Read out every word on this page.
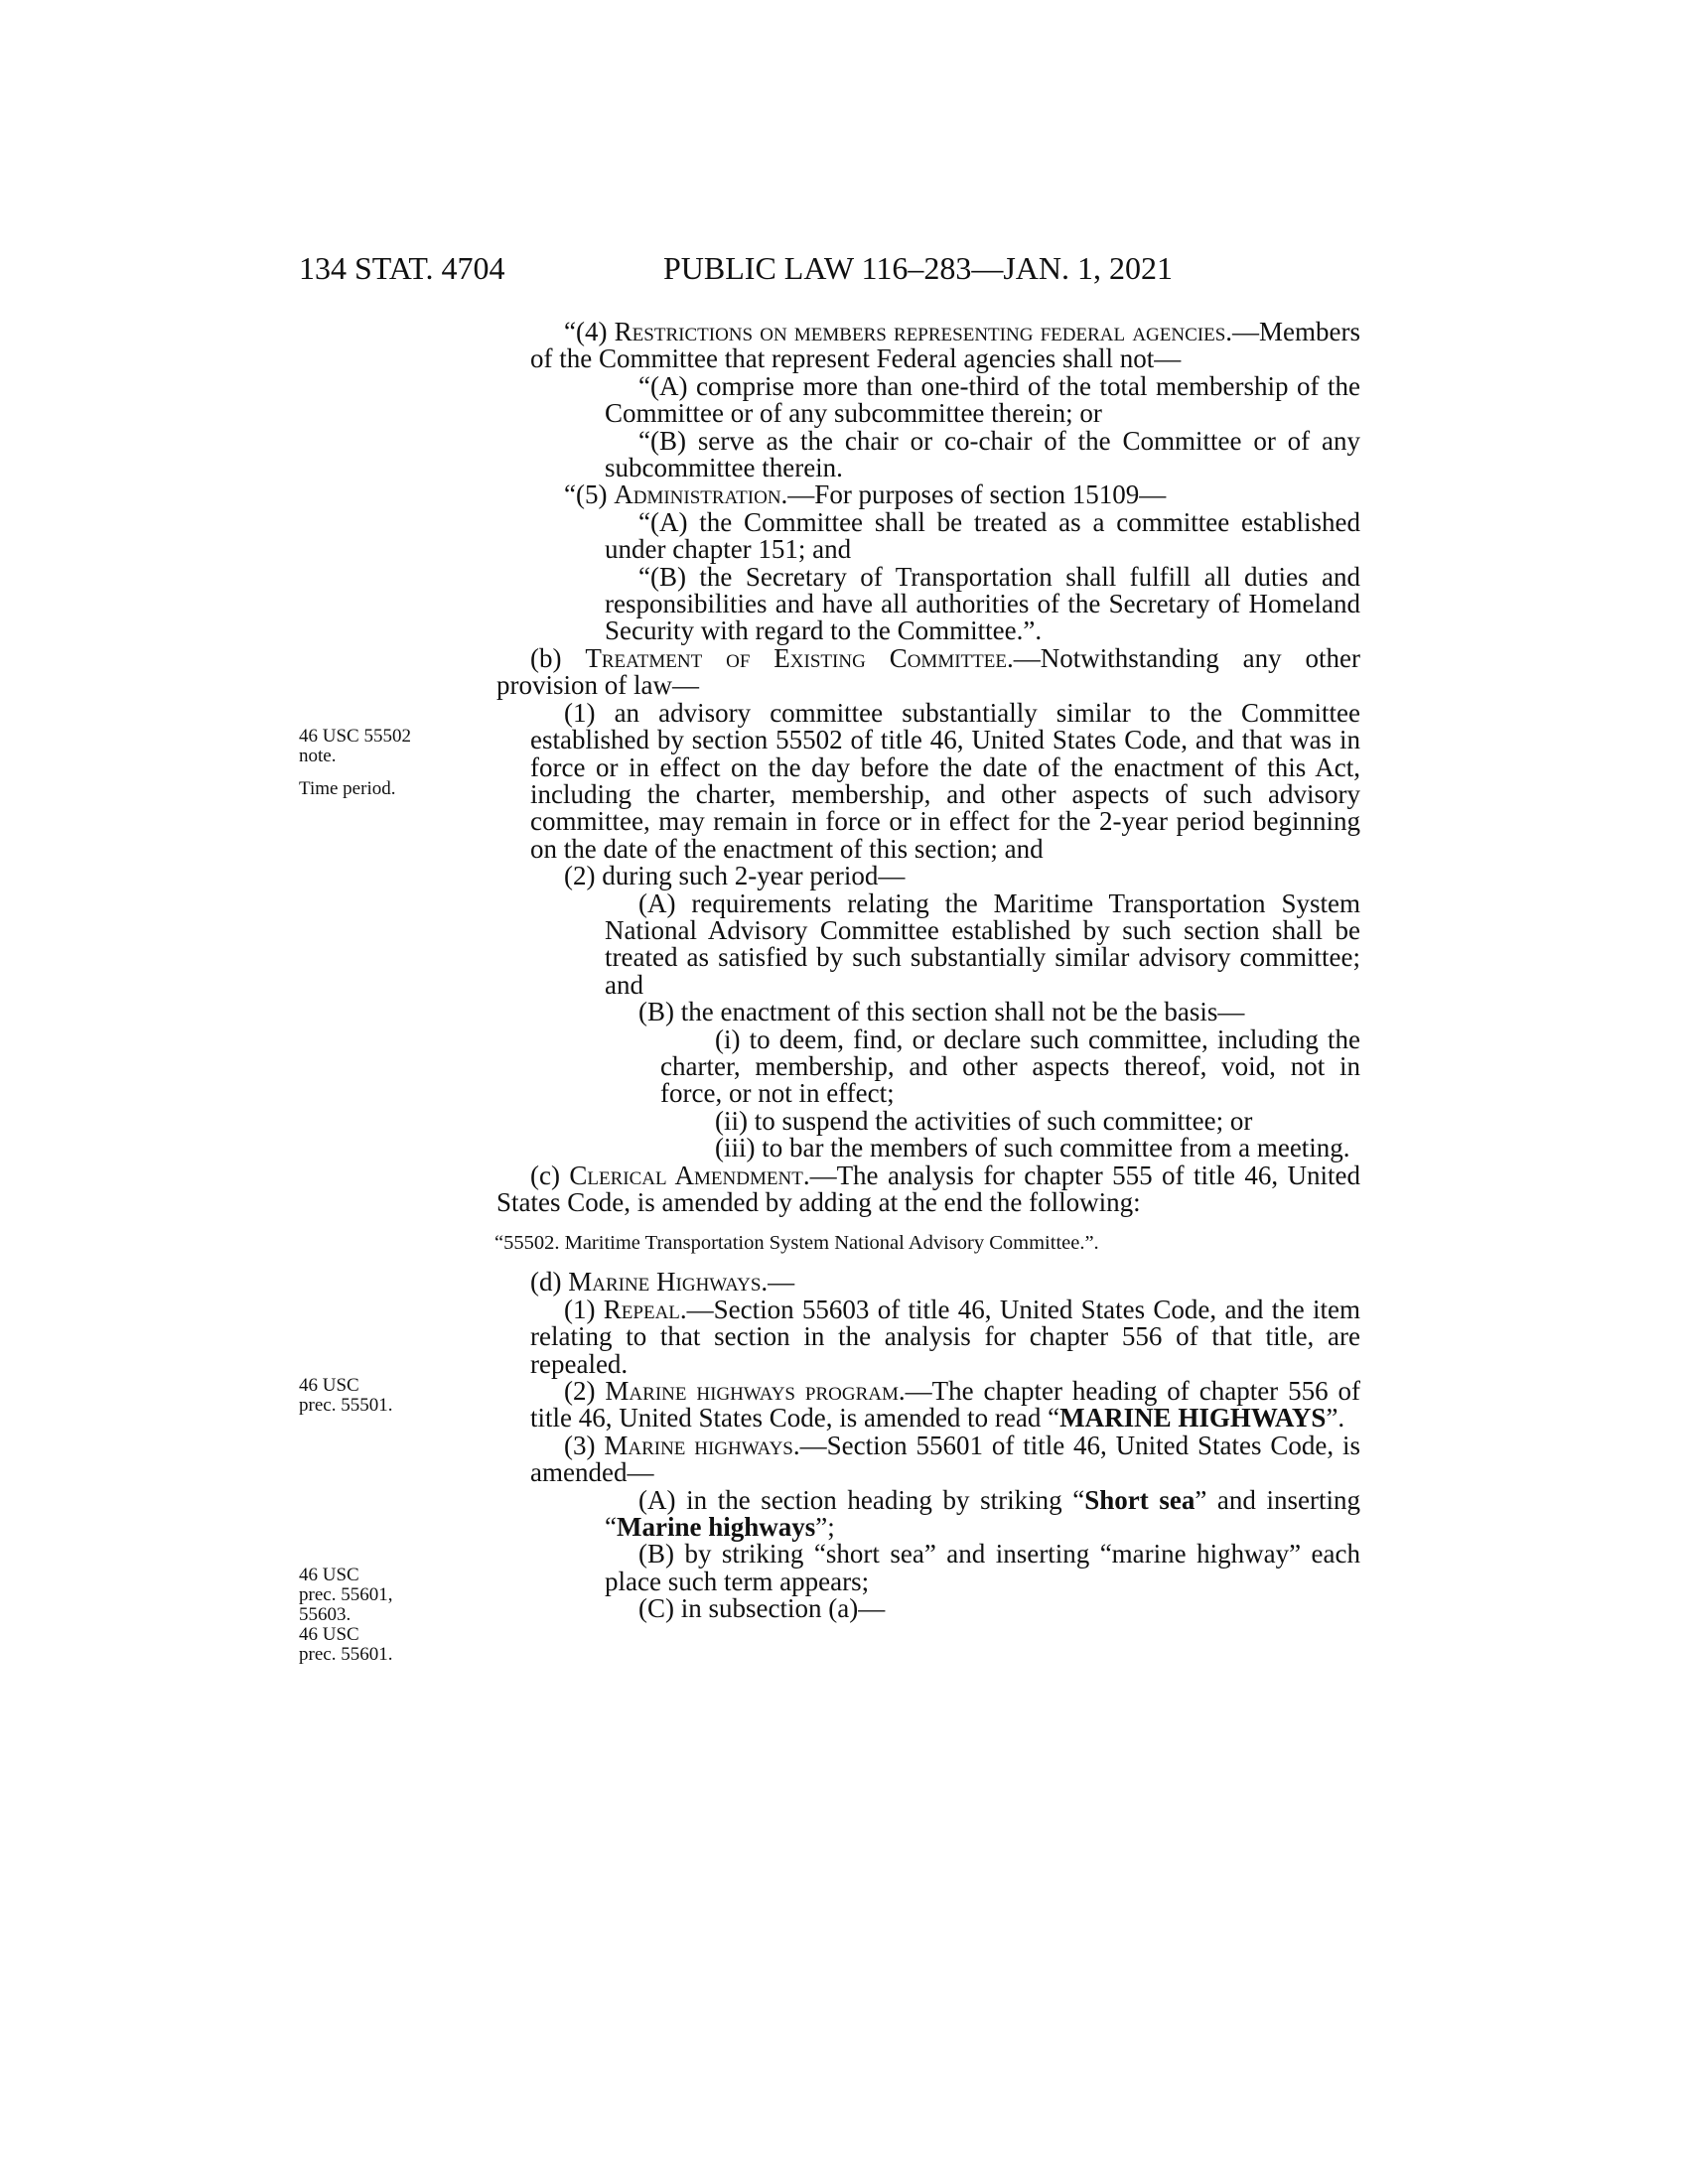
134 STAT. 4704	PUBLIC LAW 116–283—JAN. 1, 2021
46 USC 55502
note.
Time period.
46 USC
prec. 55501.
46 USC
prec. 55601,
55603.
46 USC
prec. 55601.

“(4) Restrictions on members representing federal agencies.—Members of the Committee that represent Federal agencies shall not—

“(A) comprise more than one-third of the total membership of the Committee or of any subcommittee therein; or

“(B) serve as the chair or co-chair of the Committee or of any subcommittee therein.

“(5) Administration.—For purposes of section 15109—

“(A) the Committee shall be treated as a committee established under chapter 151; and

“(B) the Secretary of Transportation shall fulfill all duties and responsibilities and have all authorities of the Secretary of Homeland Security with regard to the Committee.”.

(b) Treatment of Existing Committee.—Notwithstanding any other provision of law—

(1) an advisory committee substantially similar to the Committee established by section 55502 of title 46, United States Code, and that was in force or in effect on the day before the date of the enactment of this Act, including the charter, membership, and other aspects of such advisory committee, may remain in force or in effect for the 2-year period beginning on the date of the enactment of this section; and

(2) during such 2-year period—

(A) requirements relating the Maritime Transportation System National Advisory Committee established by such section shall be treated as satisfied by such substantially similar advisory committee; and

(B) the enactment of this section shall not be the basis—

(i) to deem, find, or declare such committee, including the charter, membership, and other aspects thereof, void, not in force, or not in effect;

(ii) to suspend the activities of such committee; or

(iii) to bar the members of such committee from a meeting.

(c) Clerical Amendment.—The analysis for chapter 555 of title 46, United States Code, is amended by adding at the end the following:

“55502. Maritime Transportation System National Advisory Committee.”.

(d) Marine Highways.—

(1) Repeal.—Section 55603 of title 46, United States Code, and the item relating to that section in the analysis for chapter 556 of that title, are repealed.

(2) Marine highways program.—The chapter heading of chapter 556 of title 46, United States Code, is amended to read “MARINE HIGHWAYS”.

(3) Marine highways.—Section 55601 of title 46, United States Code, is amended—

(A) in the section heading by striking “Short sea” and inserting “Marine highways”;

(B) by striking “short sea” and inserting “marine highway” each place such term appears;

(C) in subsection (a)—
